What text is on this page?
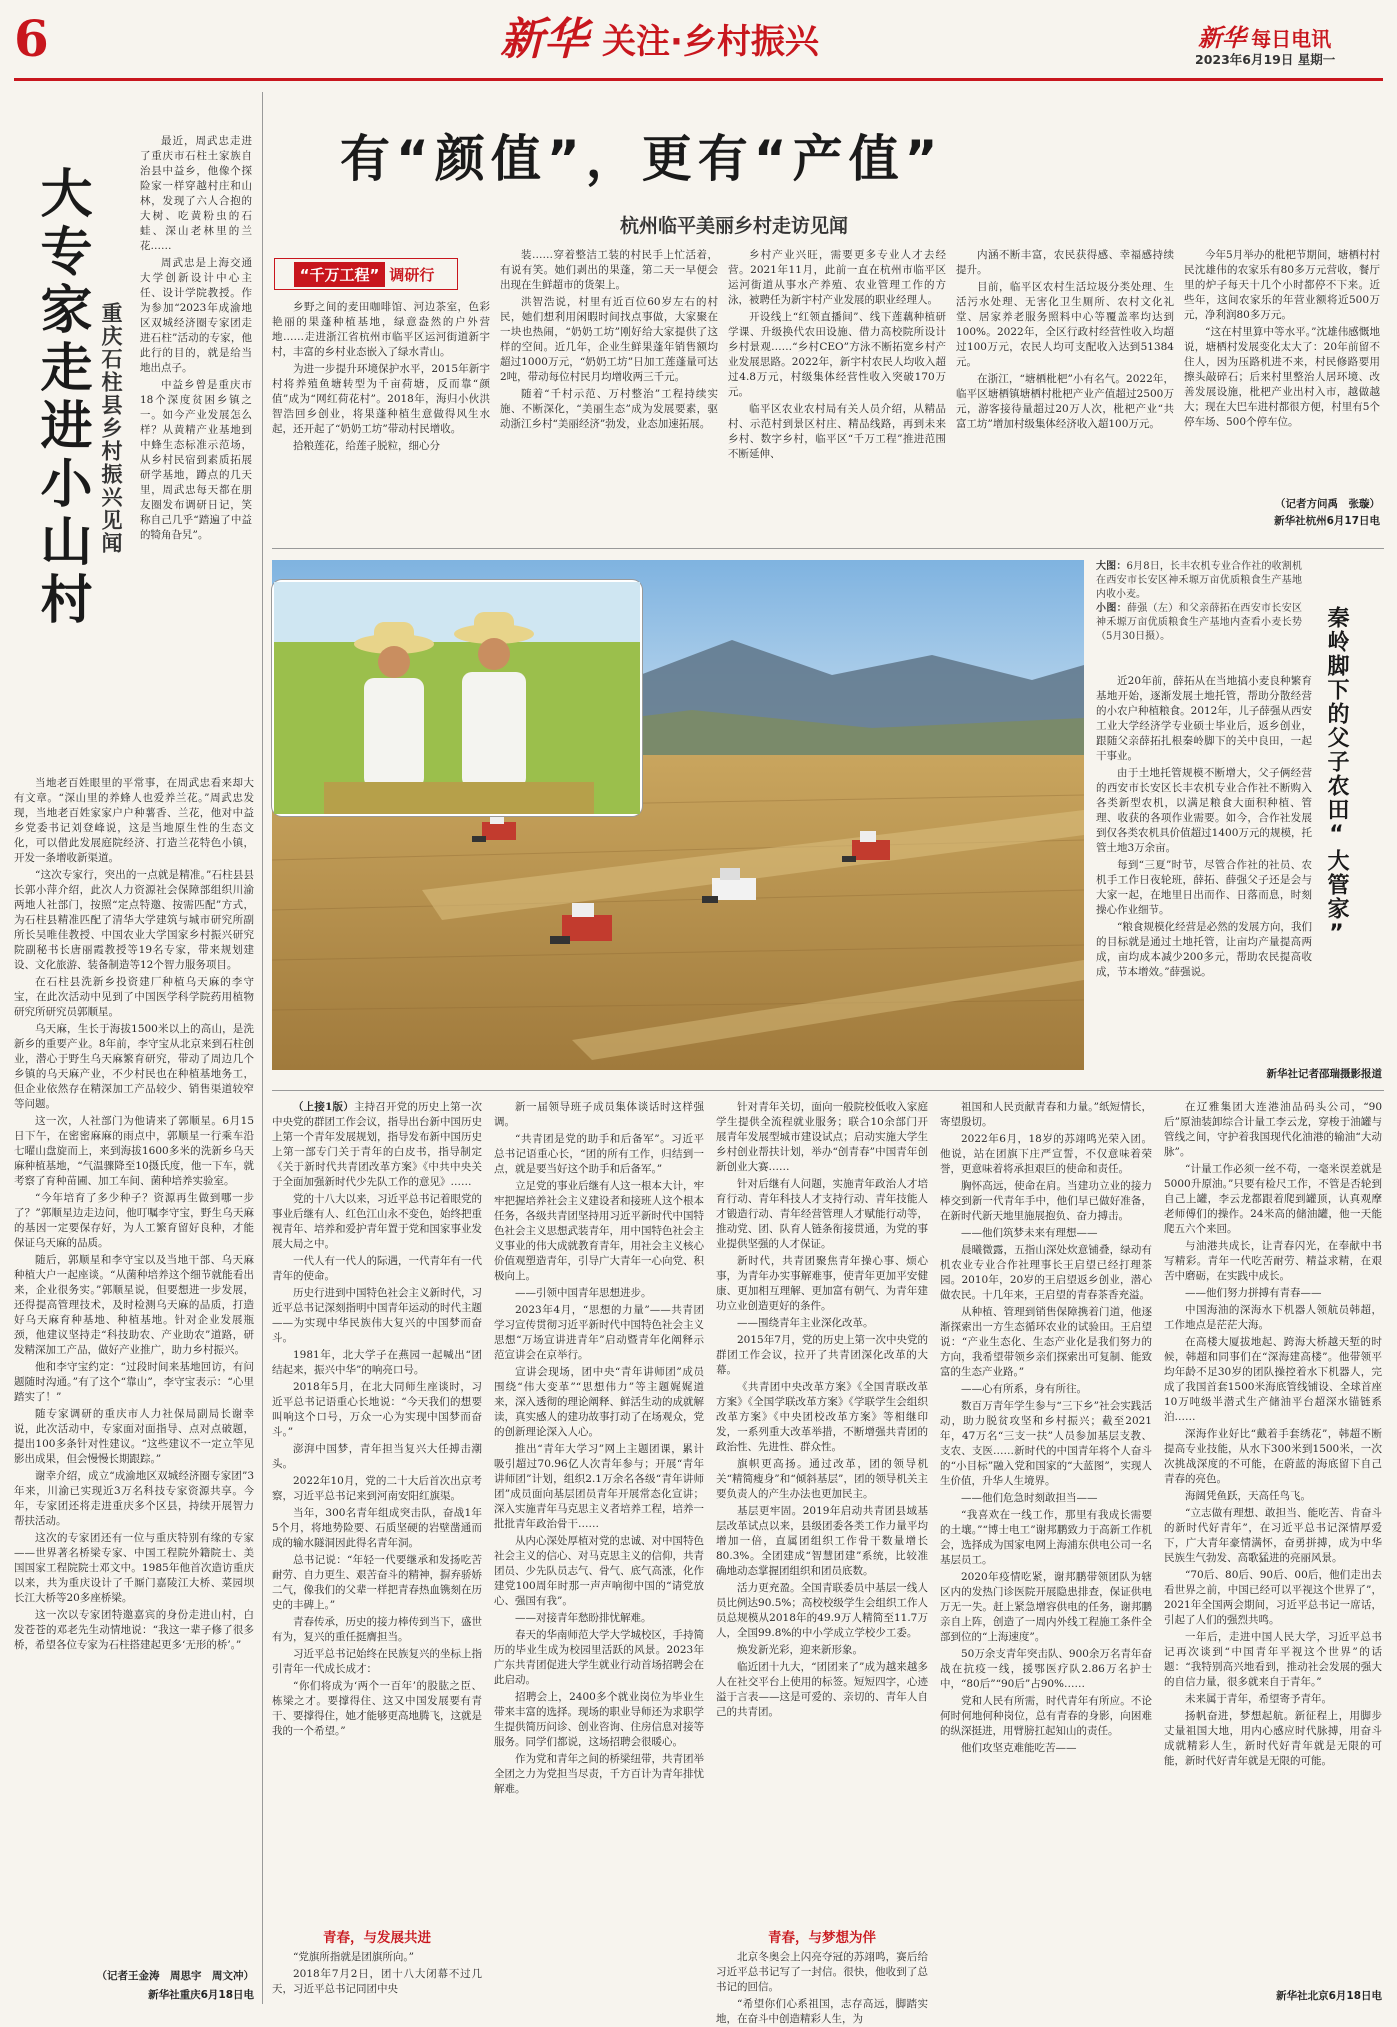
6	新华 关注·乡村振兴	新华 每日电讯
2023年6月19日 星期一
大专家走进小山村 重庆石柱县乡村振兴见闻

最近，周武忠走进了重庆市石柱土家族自治县中益乡，他像个探险家一样穿越村庄和山林，发现了六人合抱的大树、吃黄粉虫的石蛙、深山老林里的兰花……

周武忠是上海交通大学创新设计中心主任、设计学院教授。作为参加“2023年成渝地区双城经济圈专家团走进石柱”活动的专家，他此行的目的，就是给当地出点子。

中益乡曾是重庆市18个深度贫困乡镇之一。如今产业发展怎么样？从黄精产业基地到中蜂生态标准示范场，从乡村民宿到素质拓展研学基地，蹲点的几天里，周武忠每天都在朋友圈发布调研日记，笑称自己几乎“踏遍了中益的犄角旮旯”。

当地老百姓眼里的平常事，在周武忠看来却大有文章。“深山里的养蜂人也爱养兰花。”周武忠发现，当地老百姓家家户户种薯香、兰花，他对中益乡党委书记刘登峰说，这是当地原生性的生态文化，可以借此发展庭院经济、打造兰花特色小镇，开发一条增收新渠道。

“这次专家行，突出的一点就是精准。”石柱县县长郭小萍介绍，此次人力资源社会保障部组织川渝两地人社部门，按照“定点特邀、按需匹配”方式，为石柱县精准匹配了清华大学建筑与城市研究所副所长吴唯佳教授、中国农业大学国家乡村振兴研究院副秘书长唐丽霞教授等19名专家，带来规划建设、文化旅游、装备制造等12个智力服务项目。

在石柱县洗新乡投资建厂种植乌天麻的李守宝，在此次活动中见到了中国医学科学院药用植物研究所研究员郭顺星。

乌天麻，生长于海拔1500米以上的高山，是洗新乡的重要产业。8年前，李守宝从北京来到石柱创业，潜心于野生乌天麻繁育研究，带动了周边几个乡镇的乌天麻产业，不少村民也在种植基地务工，但企业依然存在精深加工产品较少、销售渠道较窄等问题。

这一次，人社部门为他请来了郭顺星。6月15日下午，在密密麻麻的雨点中，郭顺星一行乘车沿七曜山盘旋而上，来到海拔1600多米的洗新乡乌天麻种植基地，“气温骤降至10摄氏度，他一下车，就考察了育种苗圃、加工车间、菌种培养实验室。

“今年培育了多少种子？资源再生做到哪一步了？”郭顺星边走边问，他叮嘱李守宝，野生乌天麻的基因一定要保存好，为人工繁育留好良种，才能保证乌天麻的品质。

随后，郭顺星和李守宝以及当地干部、乌天麻种植大户一起座谈。“从菌种培养这个细节就能看出来，企业很务实。”郭顺星说，但要想进一步发展，还得提高管理技术，及时检测乌天麻的品质，打造好乌天麻育种基地、种植基地。针对企业发展瓶颈，他建议坚持走“科技助农、产业助农”道路，研发精深加工产品，做好产业推广，助力乡村振兴。

他和李守宝约定：“过段时间来基地回访，有问题随时沟通。”有了这个“靠山”，李守宝表示：“心里踏实了！”

随专家调研的重庆市人力社保局副局长谢幸说，此次活动中，专家面对面指导、点对点破题，提出100多条针对性建议。“这些建议不一定立竿见影出成果，但会慢慢长期跟踪。”

谢幸介绍，成立“成渝地区双城经济圈专家团”3年来，川渝已实现近3万名科技专家资源共享。今年，专家团还将走进重庆多个区县，持续开展智力帮扶活动。

这次的专家团还有一位与重庆特别有缘的专家——世界著名桥梁专家、中国工程院外籍院士、美国国家工程院院士邓文中。1985年他首次造访重庆以来，共为重庆设计了千厮门嘉陵江大桥、菜园坝长江大桥等20多座桥梁。

这一次以专家团特邀嘉宾的身份走进山村，白发苍苍的邓老先生动情地说：“我这一辈子修了很多桥，希望各位专家为石柱搭建起更多‘无形的桥’。”

（记者王金涛　周思宇　周文冲）
新华社重庆6月18日电
有“颜值”，更有“产值”
杭州临平美丽乡村走访见闻
“千万工程” 调研行

乡野之间的麦田咖啡馆、河边茶室，色彩艳丽的果蓬种植基地，绿意盎然的户外营地……走进浙江省杭州市临平区运河街道新宇村，丰富的乡村业态嵌入了绿水青山。

为进一步提升环境保护水平，2015年新宇村将养殖鱼塘转型为千亩荷塘，反而靠“颜值”成为“网红荷花村”。2018年，海归小伙洪智浩回乡创业，将果蓬种植生意做得风生水起，还开起了“奶奶工坊”带动村民增收。

拾粮莲花，给莲子脱粒，细心分

装……穿着整洁工装的村民手上忙活着，有说有笑。她们剥出的果蓬，第二天一早便会出现在生鲜超市的货架上。

洪智浩说，村里有近百位60岁左右的村民，她们想利用闲暇时间找点事做，大家聚在一块也热闹，“奶奶工坊”刚好给大家提供了这样的空间。近几年，企业生鲜果蓬年销售额均超过1000万元，“奶奶工坊”日加工莲蓬量可达2吨，带动每位村民月均增收两三千元。

随着“千村示范、万村整治”工程持续实施、不断深化，“美丽生态”成为发展要素，驱动浙江乡村“美丽经济”勃发，业态加速拓展。

乡村产业兴旺，需要更多专业人才去经营。2021年11月，此前一直在杭州市临平区运河街道从事水产养殖、农业管理工作的方泳，被聘任为新宇村产业发展的职业经理人。

开设线上“红领直播间”、线下莲藕种植研学课、升级换代农田设施、借力高校院所设计乡村景观……“乡村CEO”方泳不断拓宽乡村产业发展思路。2022年，新宇村农民人均收入超过4.8万元，村级集体经营性收入突破170万元。

临平区农业农村局有关人员介绍，从精品村、示范村到景区村庄、精品线路，再到未来乡村、数字乡村，临平区“千万工程”推进范围不断延伸、

内涵不断丰富，农民获得感、幸福感持续提升。

目前，临平区农村生活垃圾分类处理、生活污水处理、无害化卫生厕所、农村文化礼堂、居家养老服务照料中心等覆盖率均达到100%。2022年，全区行政村经营性收入均超过100万元，农民人均可支配收入达到51384元。

在浙江，“塘栖枇杷”小有名气。2022年，临平区塘栖镇塘栖村枇杷产业产值超过2500万元，游客接待量超过20万人次，枇杷产业“共富工坊”增加村级集体经济收入超100万元。

今年5月举办的枇杷节期间，塘栖村村民沈雄伟的农家乐有80多万元营收，餐厅里的炉子每天十几个小时都停不下来。近些年，这间农家乐的年营业额将近500万元，净利润80多万元。

“这在村里算中等水平。”沈雄伟感慨地说，塘栖村发展变化太大了：20年前留不住人，因为压路机进不来，村民修路要用擦头敲碎石；后来村里整治人居环境、改善发展设施，枇杷产业出村入市，越做越大；现在大巴车进村都很方便，村里有5个停车场、500个停车位。

（记者方问禹　张璇）
新华社杭州6月17日电
大图：6月8日，长丰农机专业合作社的收割机在西安市长安区神禾塬万亩优质粮食生产基地内收小麦。
小图：薛强（左）和父亲薛拓在西安市长安区神禾塬万亩优质粮食生产基地内查看小麦长势（5月30日摄）。	秦岭脚下的父子农田“大管家”

近20年前，薛拓从在当地搞小麦良种繁育基地开始，逐渐发展土地托管，帮助分散经营的小农户种植粮食。2012年，儿子薛强从西安工业大学经济学专业硕士毕业后，返乡创业，跟随父亲薛拓扎根秦岭脚下的关中良田，一起干事业。

由于土地托管规模不断增大，父子俩经营的西安市长安区长丰农机专业合作社不断购入各类新型农机，以满足粮食大面积种植、管理、收获的各项作业需要。如今，合作社发展到仅各类农机具价值超过1400万元的规模，托管土地3万余亩。

每到“三夏”时节，尽管合作社的社员、农机手工作日夜轮班，薛拓、薛强父子还是会与大家一起，在地里日出而作、日落而息，时刻操心作业细节。

“粮食规模化经营是必然的发展方向，我们的目标就是通过土地托管，让亩均产量提高两成，亩均成本减少200多元，帮助农民提高收成，节本增效。”薛强说。

新华社记者邵瑞摄影报道

（上接1版）主持召开党的历史上第一次中央党的群团工作会议，指导出台新中国历史上第一个青年发展规划，指导发布新中国历史上第一部专门关于青年的白皮书，指导制定《关于新时代共青团改革方案》《中共中央关于全面加强新时代少先队工作的意见》……

党的十八大以来，习近平总书记着眼党的事业后继有人、红色江山永不变色，始终把重视青年、培养和爱护青年置于党和国家事业发展大局之中。

一代人有一代人的际遇，一代青年有一代青年的使命。

历史行进到中国特色社会主义新时代，习近平总书记深刻指明中国青年运动的时代主题——为实现中华民族伟大复兴的中国梦而奋斗。

1981年，北大学子在燕园一起喊出“团结起来，振兴中华”的响亮口号。

2018年5月，在北大同师生座谈时，习近平总书记语重心长地说：“今天我们的想要叫响这个口号，万众一心为实现中国梦而奋斗。”

澎湃中国梦，青年担当复兴大任搏击潮头。

2022年10月，党的二十大后首次出京考察，习近平总书记来到河南安阳红旗渠。

当年，300名青年组成突击队，奋战1年5个月，将地势险要、石质坚硬的岩壁凿通而成的输水隧洞因此得名青年洞。

总书记说：“年轻一代要继承和发扬吃苦耐劳、自力更生、艰苦奋斗的精神，摒弃骄娇二气，像我们的父辈一样把青春热血镌刻在历史的丰碑上。”

青春传承，历史的接力棒传到当下，盛世有为，复兴的重任挺膺担当。

习近平总书记始终在民族复兴的坐标上指引青年一代成长成才：

“你们将成为‘两个一百年’的股肱之臣、栋梁之才。要撑得住、这又中国发展要有青干、要撑得住，她才能够更高地腾飞，这就是我的一个希望。”

青春，与发展共进

“党旗所指就是团旗所向。”

2018年7月2日，团十八大闭幕不过几天，习近平总书记同团中央

新一届领导班子成员集体谈话时这样强调。

“共青团是党的助手和后备军”。习近平总书记语重心长，“团的所有工作，归结到一点，就是要当好这个助手和后备军。”

立足党的事业后继有人这一根本大计，牢牢把握培养社会主义建设者和接班人这个根本任务，各级共青团坚持用习近平新时代中国特色社会主义思想武装青年，用中国特色社会主义事业的伟大成就教育青年，用社会主义核心价值观塑造青年，引导广大青年一心向党、积极向上。

——引领中国青年思想进步。

2023年4月，“思想的力量”——共青团学习宣传贯彻习近平新时代中国特色社会主义思想“万场宣讲进青年”启动暨青年化阐释示范宣讲会在京举行。

宣讲会现场，团中央“青年讲师团”成员围绕“伟大变革”“思想伟力”等主题娓娓道来，深入透彻的理论阐释、鲜活生动的成就解读，真实感人的建功故事打动了在场观众，党的创新理论深入人心。

推出“青年大学习”网上主题团课，累计吸引超过70.96亿人次青年参与；开展“青年讲师团”计划，组织2.1万余名各级“青年讲师团”成员面向基层团员青年开展常态化宣讲；深入实施青年马克思主义者培养工程，培养一批批青年政治骨干……

从内心深处厚植对党的忠诚、对中国特色社会主义的信心、对马克思主义的信仰，共青团员、少先队员志气、骨气、底气高涨，化作建党100周年时那一声声响彻中国的“请党放心、强国有我”。

——对接青年愁盼排忧解难。

春天的华南师范大学大学城校区，手持简历的毕业生成为校园里活跃的风景。2023年广东共青团促进大学生就业行动首场招聘会在此启动。

招聘会上，2400多个就业岗位为毕业生带来丰富的选择。现场的职业导师还为求职学生提供简历问诊、创业咨询、住房信息对接等服务。同学们都说，这场招聘会很暖心。

作为党和青年之间的桥梁纽带，共青团举全团之力为党担当尽责，千方百计为青年排忧解难。

针对青年关切，面向一般院校低收入家庭学生提供全流程就业服务；联合10余部门开展青年发展型城市建设试点；启动实施大学生乡村创业帮扶计划，举办“创青春”中国青年创新创业大赛……

针对后继有人问题，实施青年政治人才培育行动、青年科技人才支持行动、青年技能人才锻造行动、青年经营管理人才赋能行动等，推动党、团、队育人链条衔接贯通，为党的事业提供坚强的人才保证。

新时代，共青团聚焦青年操心事、烦心事，为青年办实事解难事，使青年更加平安健康、更加相互理解、更加富有朝气、为青年建功立业创造更好的条件。

——围绕青年主业深化改革。

2015年7月，党的历史上第一次中央党的群团工作会议，拉开了共青团深化改革的大幕。

《共青团中央改革方案》《全国青联改革方案》《全国学联改革方案》《学联学生会组织改革方案》《中央团校改革方案》等相继印发，一系列重大改革举措，不断增强共青团的政治性、先进性、群众性。

旗帜更高扬。通过改革，团的领导机关“精简瘦身”和“倾斜基层”，团的领导机关主要负责人的产生办法也更加民主。

基层更牢固。2019年启动共青团县域基层改革试点以来，县级团委各类工作力量平均增加一倍，直属团组织工作骨干数量增长80.3%。全团建成“智慧团建”系统，比较准确地动态掌握团组织和团员底数。

活力更充盈。全国青联委员中基层一线人员比例达90.5%；高校校级学生会组织工作人员总规模从2018年的49.9万人精简至11.7万人，全国99.8%的中小学成立学校少工委。

焕发新光彩，迎来新形象。

临近团十九大，“团团来了”成为越来越多人在社交平台上使用的标签。短短四字，心迹溢于言表——这是可爱的、亲切的、青年人自己的共青团。

青春，与梦想为伴

北京冬奥会上闪亮夺冠的苏翊鸣，赛后给习近平总书记写了一封信。很快，他收到了总书记的回信。

“希望你们心系祖国，志存高远，脚踏实地，在奋斗中创造精彩人生，为

祖国和人民贡献青春和力量。”纸短情长，寄望殷切。

2022年6月，18岁的苏翊鸣光荣入团。他说，站在团旗下庄严宣誓，不仅意味着荣誉，更意味着将承担艰巨的使命和责任。

胸怀高远，使命在肩。当建功立业的接力棒交到新一代青年手中，他们早已做好准备，在新时代新天地里施展抱负、奋力搏击。

——他们筑梦未来有理想——

晨曦微露，五指山深处炊意铺叠，绿动有机农业专业合作社理事长王启望已经打理茶园。2010年，20岁的王启望返乡创业，潜心做农民。十几年来，王启望的青春茶香充溢。

从种植、管理到销售保障携着门道，他逐渐探索出一方生态循环农业的试验田。王启望说：“产业生态化、生态产业化是我们努力的方向，我希望带领乡亲们探索出可复制、能致富的生态产业路。”

——心有所系，身有所往。

数百万青年学生参与“三下乡”社会实践活动，助力脱贫攻坚和乡村振兴；截至2021年，47万名“三支一扶”人员参加基层支教、支农、支医……新时代的中国青年将个人奋斗的“小目标”融入党和国家的“大蓝图”，实现人生价值，升华人生境界。

——他们危急时刻敢担当——

“我喜欢在一线工作，那里有我成长需要的土壤。”“博士电工”谢邦鹏致力于高新工作机会，选择成为国家电网上海浦东供电公司一名基层员工。

2020年疫情吃紧，谢邦鹏带领团队为辖区内的发热门诊医院开展隐患排查，保证供电万无一失。赶上紧急增容供电的任务，谢邦鹏亲自上阵，创造了一周内外线工程施工条件全部到位的“上海速度”。

50万余支青年突击队、900余万名青年奋战在抗疫一线，援鄂医疗队2.86万名护士中，“80后”“90后”占90%……

党和人民有所需，时代青年有所应。不论何时何地何种岗位，总有青春的身影，向困难的纵深挺进，用臂膀扛起知山的责任。

他们攻坚克难能吃苦——

在辽雅集团大连港油品码头公司，“90后”原油装卸综合计量工李云龙，穿梭于油罐与管线之间，守护着我国现代化油港的输油“大动脉”。

“计量工作必须一丝不苟，一毫米误差就是5000升原油。”只要有检尺工作，不管是否轮到自己上罐，李云龙都跟着爬到罐顶，认真观摩老师傅们的操作。24米高的储油罐，他一天能爬五六个来回。

与油港共成长，让青春闪光，在奉献中书写精彩。青年一代吃苦耐劳、精益求精，在艰苦中磨砺，在实践中成长。

——他们努力拼搏有青春——

中国海油的深海水下机器人领航员韩超，工作地点是茫茫大海。

在高楼大厦拔地起、跨海大桥越天堑的时候，韩超和同事们在“深海建高楼”。他带领平均年龄不足30岁的团队操控着水下机器人，完成了我国首套1500米海底管线铺设、全球首座10万吨级半潜式生产储油平台超深水锚链系泊……

深海作业好比“戴着手套绣花”，韩超不断提高专业技能，从水下300米到1500米，一次次挑战深度的不可能，在蔚蓝的海底留下自己青春的亮色。

海阔凭鱼跃，天高任鸟飞。

“立志做有理想、敢担当、能吃苦、肯奋斗的新时代好青年”，在习近平总书记深情厚爱下，广大青年豪情满怀，奋勇拼搏，成为中华民族生气勃发、高歌猛进的亮丽风景。

“70后、80后、90后、00后，他们走出去看世界之前，中国已经可以平视这个世界了”，2021年全国两会期间，习近平总书记一席话，引起了人们的强烈共鸣。

一年后，走进中国人民大学，习近平总书记再次谈到“中国青年平视这个世界”的话题：“我特别高兴地看到，推动社会发展的强大的自信力量，很多就来自于青年。”

未来属于青年，希望寄予青年。

扬帆奋进，梦想起航。新征程上，用脚步丈量祖国大地，用内心感应时代脉搏，用奋斗成就精彩人生，新时代好青年就是无限的可能，新时代好青年就是无限的可能。

新华社北京6月18日电
